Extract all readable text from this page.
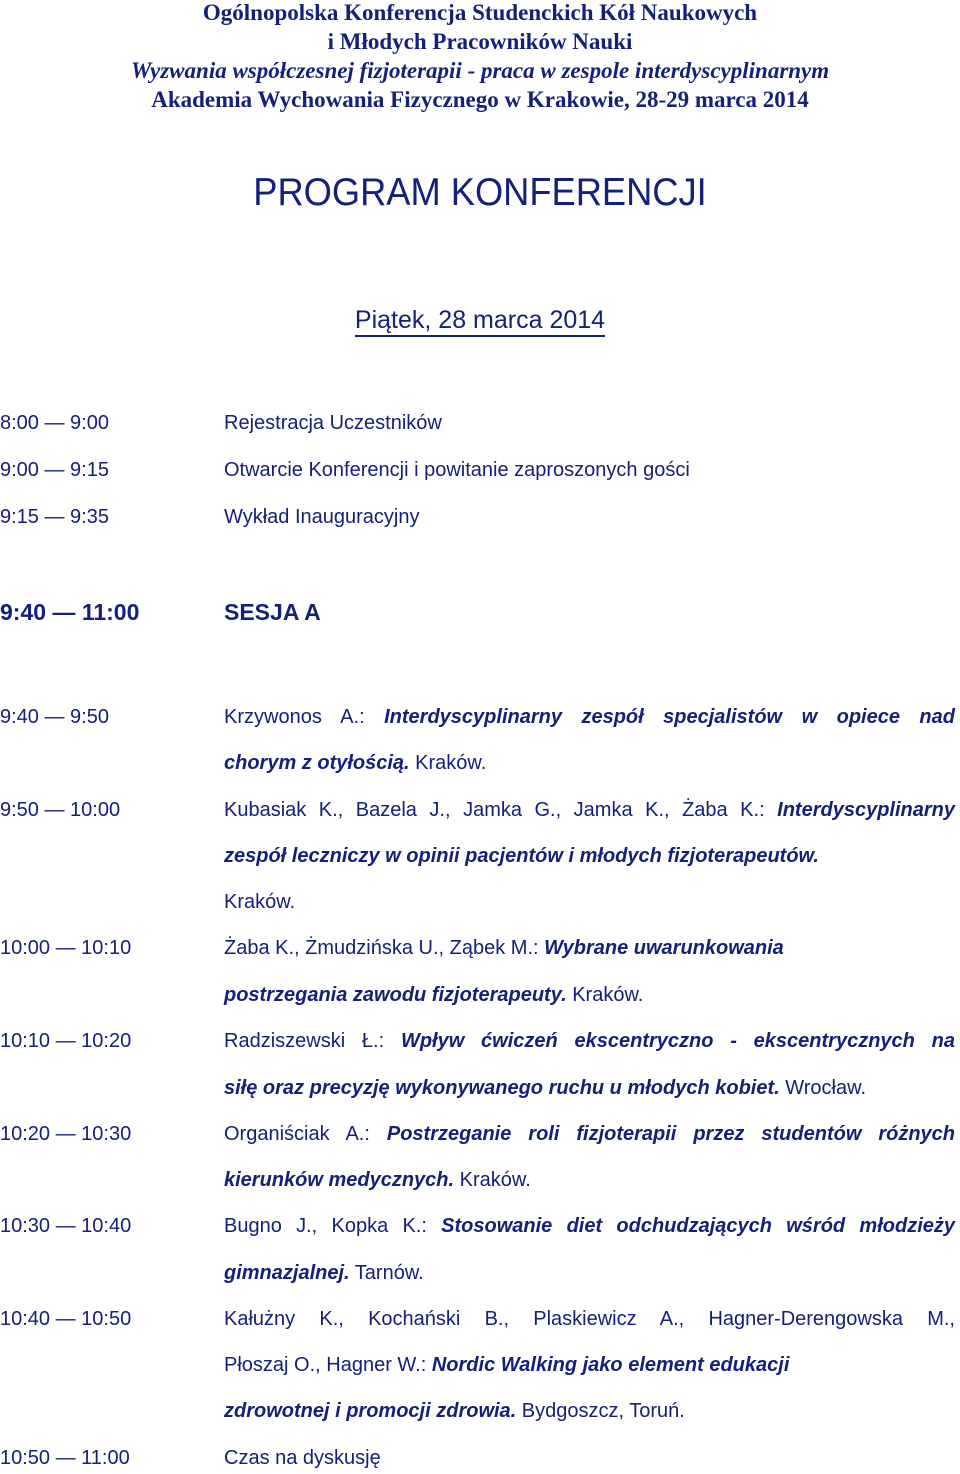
Ogólnopolska Konferencja Studenckich Kół Naukowych
i Młodych Pracowników Nauki
Wyzwania współczesnej fizjoterapii - praca w zespole interdyscyplinarnym
Akademia Wychowania Fizycznego w Krakowie, 28-29 marca 2014
PROGRAM KONFERENCJI
Piątek, 28 marca 2014
8:00 — 9:00	Rejestracja Uczestników
9:00 — 9:15	Otwarcie Konferencji i powitanie zaproszonych gości
9:15 — 9:35	Wykład Inauguracyjny
9:40 — 11:00	SESJA A
9:40 — 9:50	Krzywonos A.: Interdyscyplinarny zespół specjalistów w opiece nad
chorym z otyłością. Kraków.
9:50 — 10:00	Kubasiak K., Bazela J., Jamka G., Jamka K., Żaba K.: Interdyscyplinarny
zespół leczniczy w opinii pacjentów i młodych fizjoterapeutów.
Kraków.
10:00 — 10:10	Żaba K., Żmudzińska U., Ząbek M.: Wybrane uwarunkowania
postrzegania zawodu fizjoterapeuty. Kraków.
10:10 — 10:20	Radziszewski Ł.: Wpływ ćwiczeń ekscentryczno - ekscentrycznych na
siłę oraz precyzję wykonywanego ruchu u młodych kobiet. Wrocław.
10:20 — 10:30	Organiściak A.: Postrzeganie roli fizjoterapii przez studentów różnych
kierunków medycznych. Kraków.
10:30 — 10:40	Bugno J., Kopka K.: Stosowanie diet odchudzających wśród młodzieży
gimnazjalnej. Tarnów.
10:40 — 10:50	Kałużny K., Kochański B., Plaskiewicz A., Hagner-Derengowska M.,
Płoszaj O., Hagner W.: Nordic Walking jako element edukacji
zdrowotnej i promocji zdrowia. Bydgoszcz, Toruń.
10:50 — 11:00	Czas na dyskusję
